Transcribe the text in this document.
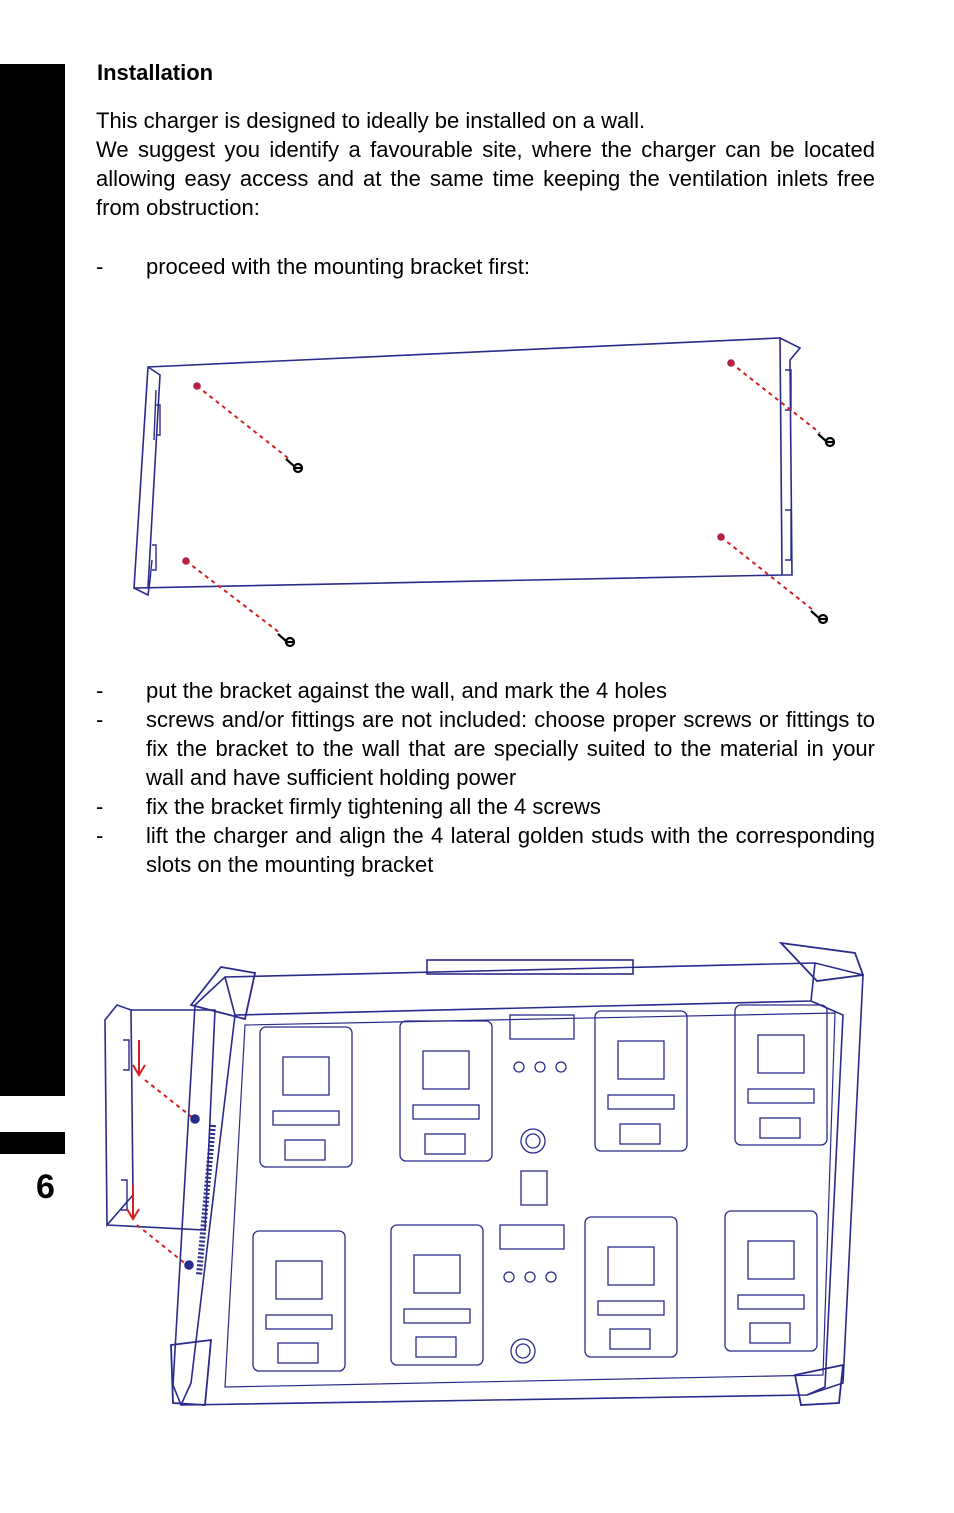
6
Installation
This charger is designed to ideally be installed on a wall.
We suggest you identify a favourable site, where the charger can be located allowing easy access and at the same time keeping the ventilation inlets free from obstruction:
- proceed with the mounting bracket first:
- put the bracket against the wall, and mark the 4 holes
- screws and/or fittings are not included: choose proper screws or fittings to fix the bracket to the wall that are specially suited to the material in your wall and have sufficient holding power
- fix the bracket firmly tightening all the 4 screws
- lift the charger and align the 4 lateral golden studs with the corresponding slots on the mounting bracket
